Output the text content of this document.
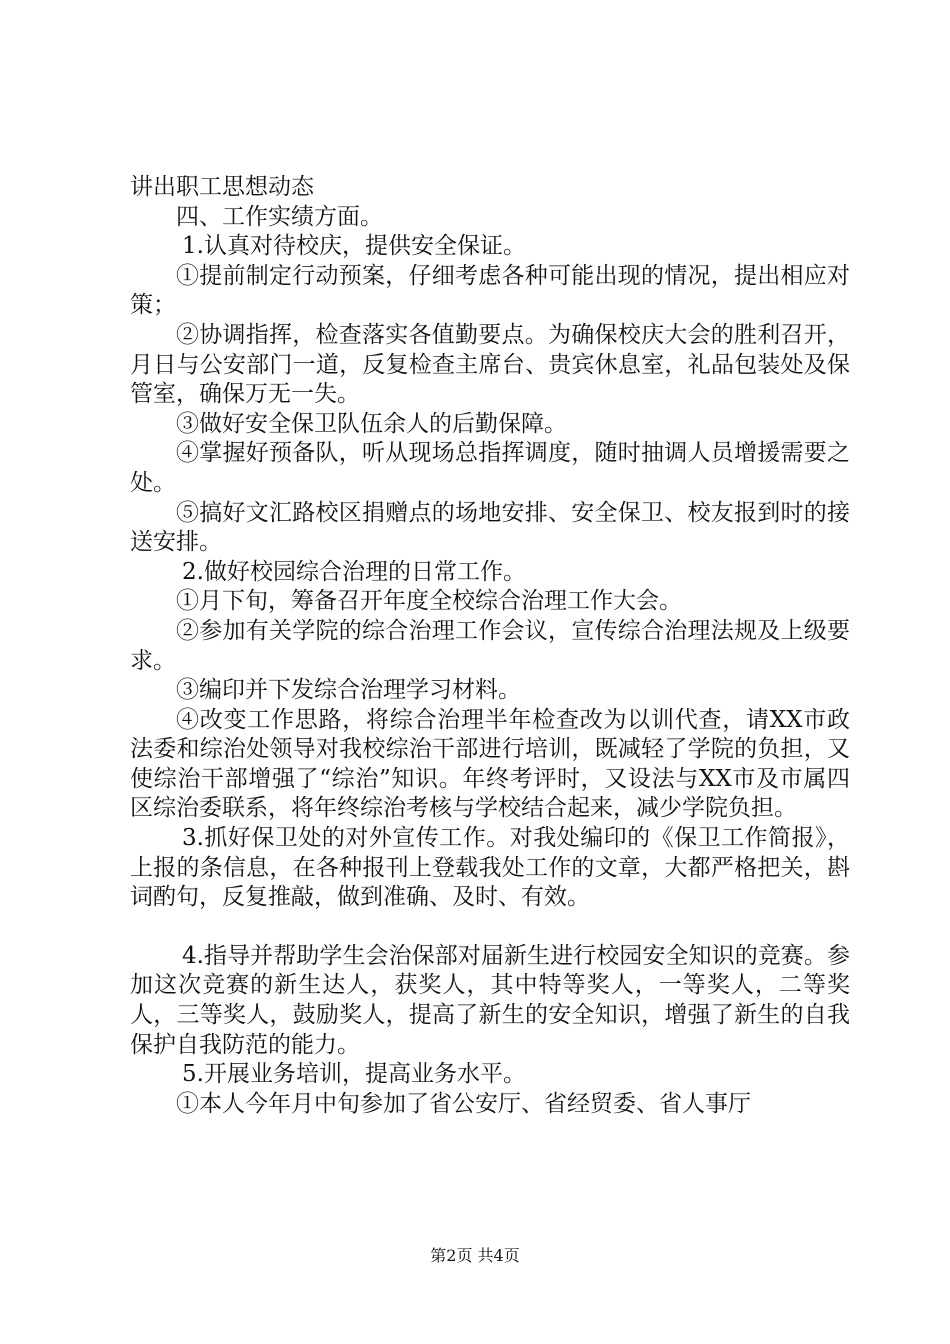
讲出职工思想动态

四、工作实绩方面。

1.认真对待校庆，提供安全保证。

①提前制定行动预案，仔细考虑各种可能出现的情况，提出相应对策；

②协调指挥，检查落实各值勤要点。为确保校庆大会的胜利召开，月日与公安部门一道，反复检查主席台、贵宾休息室，礼品包装处及保管室，确保万无一失。

③做好安全保卫队伍余人的后勤保障。

④掌握好预备队，听从现场总指挥调度，随时抽调人员增援需要之处。

⑤搞好文汇路校区捐赠点的场地安排、安全保卫、校友报到时的接送安排。

2.做好校园综合治理的日常工作。

①月下旬，筹备召开年度全校综合治理工作大会。

②参加有关学院的综合治理工作会议，宣传综合治理法规及上级要求。

③编印并下发综合治理学习材料。

④改变工作思路，将综合治理半年检查改为以训代查，请XX市政法委和综治处领导对我校综治干部进行培训，既减轻了学院的负担，又使综治干部增强了“综治”知识。年终考评时，又设法与XX市及市属四区综治委联系，将年终综治考核与学校结合起来，减少学院负担。

3.抓好保卫处的对外宣传工作。对我处编印的《保卫工作简报》，上报的条信息，在各种报刊上登载我处工作的文章，大都严格把关，斟词酌句，反复推敲，做到准确、及时、有效。

4.指导并帮助学生会治保部对届新生进行校园安全知识的竞赛。参加这次竞赛的新生达人，获奖人，其中特等奖人，一等奖人，二等奖人，三等奖人，鼓励奖人，提高了新生的安全知识，增强了新生的自我保护自我防范的能力。

5.开展业务培训，提高业务水平。

①本人今年月中旬参加了省公安厅、省经贸委、省人事厅

第2页 共4页
